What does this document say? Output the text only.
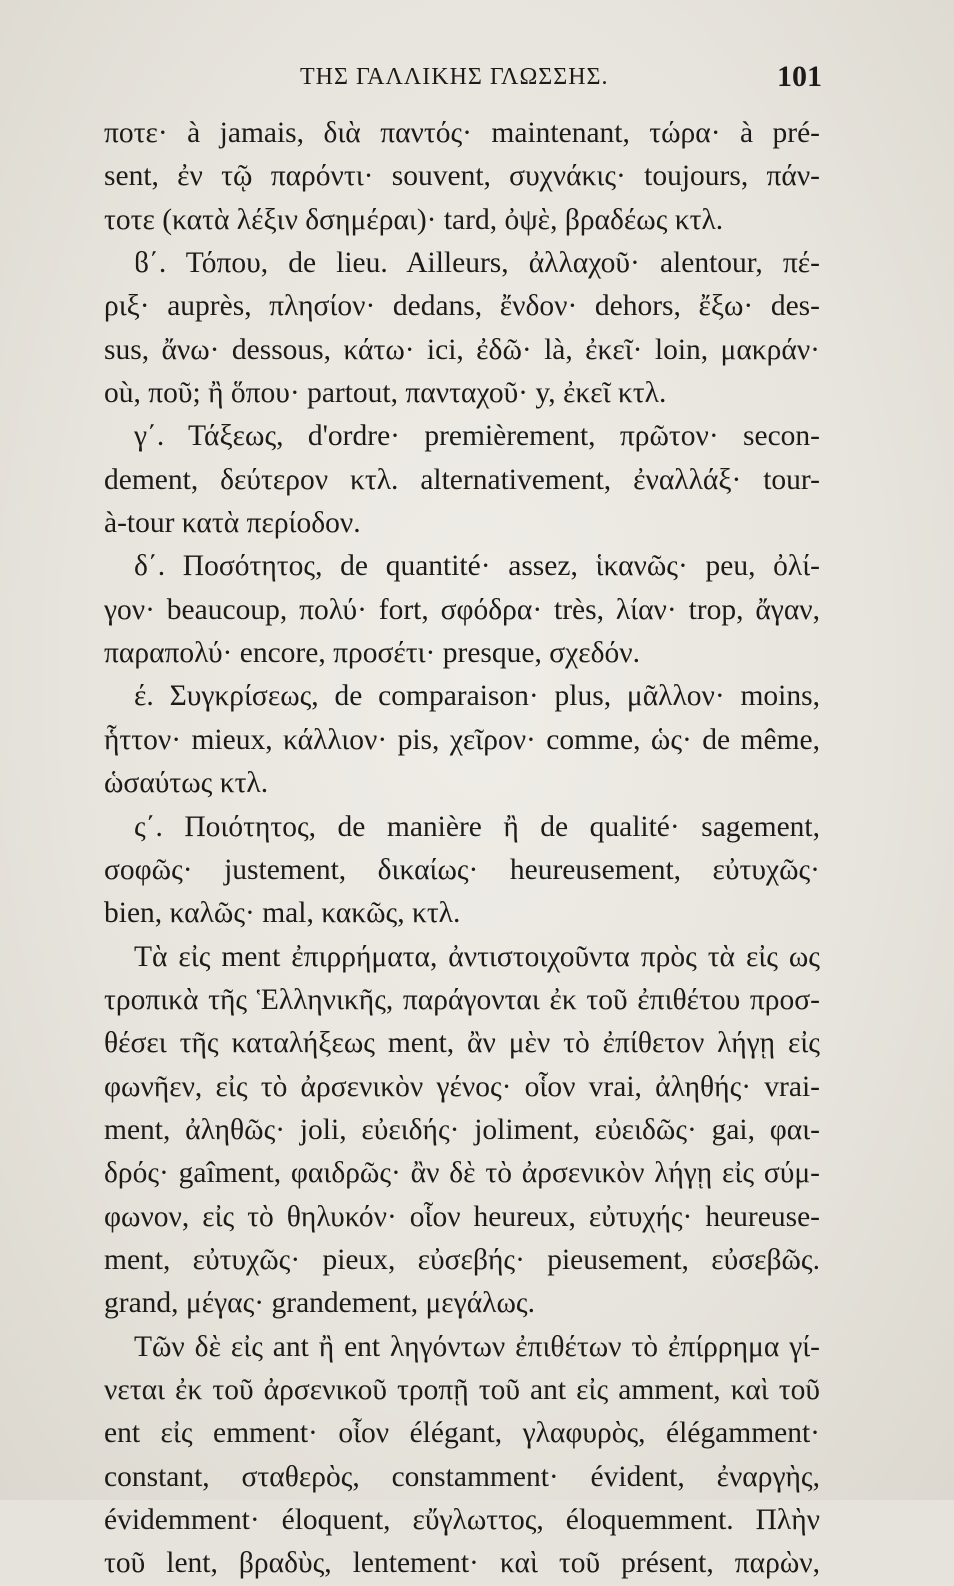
ΤΗΣ ΓΑΛΛΙΚΗΣ ΓΛΩΣΣΗΣ.	101
ποτε· à jamais, διὰ παντός· maintenant, τώρα· à pré-
sent, ἐν τῷ παρόντι· souvent, συχνάκις· toujours, πάν-
τοτε (κατὰ λέξιν δσημέραι)· tard, ὀψὲ, βραδέως κτλ.
ϐ΄. Τόπου, de lieu. Ailleurs, ἀλλαχοῦ· alentour, πέ-
ριξ· auprès, πλησίον· dedans, ἔνδον· dehors, ἔξω· des-
sus, ἄνω· dessous, κάτω· ici, ἐδῶ· là, ἐκεῖ· loin, μακράν·
où, ποῦ; ἢ ὅπου· partout, πανταχοῦ· y, ἐκεῖ κτλ.
γ΄. Τάξεως, d'ordre· premièrement, πρῶτον· secon-
dement, δεύτερον κτλ. alternativement, ἐναλλάξ· tour-
à-tour κατὰ περίοδον.
δ΄. Ποσότητος, de quantité· assez, ἱκανῶς· peu, ὀλί-
γον· beaucoup, πολύ· fort, σφόδρα· très, λίαν· trop, ἄγαν,
παραπολύ· encore, προσέτι· presque, σχεδόν.
έ. Συγκρίσεως, de comparaison· plus, μᾶλλον· moins,
ἧττον· mieux, κάλλιον· pis, χεῖρον· comme, ὡς· de même,
ὡσαύτως κτλ.
ς΄. Ποιότητος, de manière ἢ de qualité· sagement,
σοφῶς· justement, δικαίως· heureusement, εὐτυχῶς·
bien, καλῶς· mal, κακῶς, κτλ.
Τὰ εἰς ment ἐπιρρήματα, ἀντιστοιχοῦντα πρὸς τὰ εἰς ως
τροπικὰ τῆς Ἑλληνικῆς, παράγονται ἐκ τοῦ ἐπιθέτου προσ-
θέσει τῆς καταλήξεως ment, ἂν μὲν τὸ ἐπίθετον λήγῃ εἰς
φωνῆεν, εἰς τὸ ἀρσενικὸν γένος· οἷον vrai, ἀληθής· vrai-
ment, ἀληθῶς· joli, εὐειδής· joliment, εὐειδῶς· gai, φαι-
δρός· gaîment, φαιδρῶς· ἂν δὲ τὸ ἀρσενικὸν λήγῃ εἰς σύμ-
φωνον, εἰς τὸ θηλυκόν· οἷον heureux, εὐτυχής· heureuse-
ment, εὐτυχῶς· pieux, εὐσεβής· pieusement, εὐσεβῶς.
grand, μέγας· grandement, μεγάλως.
Τῶν δὲ εἰς ant ἢ ent ληγόντων ἐπιθέτων τὸ ἐπίρρημα γί-
νεται ἐκ τοῦ ἀρσενικοῦ τροπῇ τοῦ ant εἰς amment, καὶ τοῦ
ent εἰς emment· οἷον élégant, γλαφυρὸς, élégamment·
constant, σταθερὸς, constamment· évident, ἐναργὴς,
évidemment· éloquent, εὔγλωττος, éloquemment. Πλὴν
τοῦ lent, βραδὺς, lentement· καὶ τοῦ présent, παρὼν,
